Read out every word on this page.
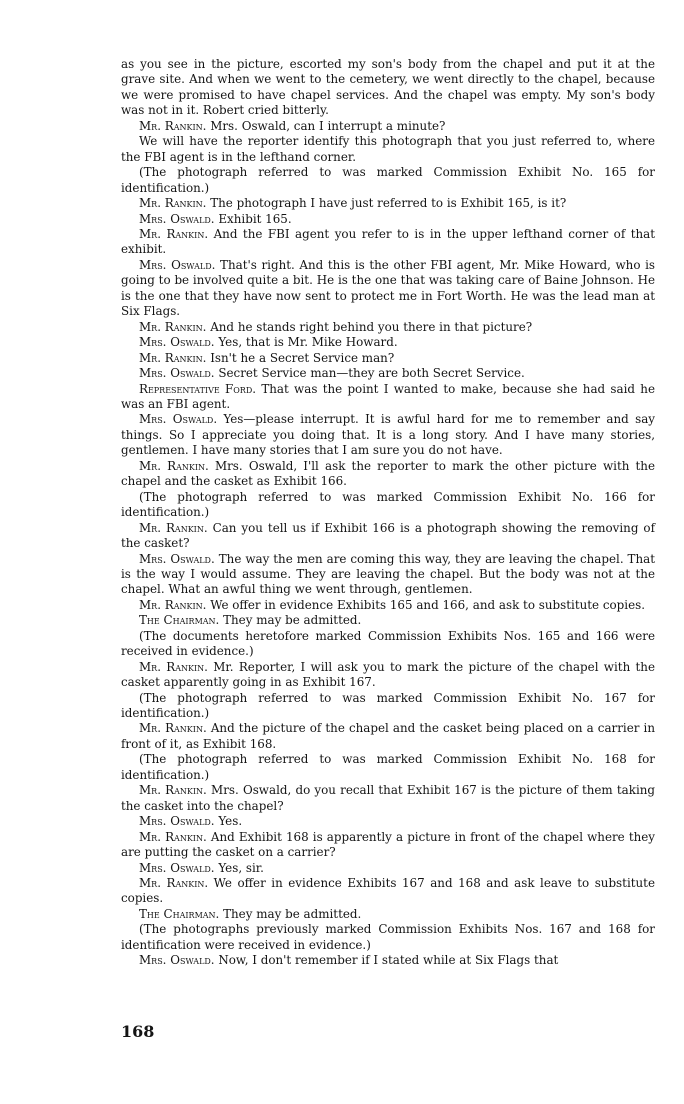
as you see in the picture, escorted my son's body from the chapel and put it at the grave site. And when we went to the cemetery, we went directly to the chapel, because we were promised to have chapel services. And the chapel was empty. My son's body was not in it. Robert cried bitterly.

Mr. Rankin. Mrs. Oswald, can I interrupt a minute?

We will have the reporter identify this photograph that you just referred to, where the FBI agent is in the lefthand corner.

(The photograph referred to was marked Commission Exhibit No. 165 for identification.)

Mr. Rankin. The photograph I have just referred to is Exhibit 165, is it?

Mrs. Oswald. Exhibit 165.

Mr. Rankin. And the FBI agent you refer to is in the upper lefthand corner of that exhibit.

Mrs. Oswald. That's right. And this is the other FBI agent, Mr. Mike Howard, who is going to be involved quite a bit. He is the one that was taking care of Baine Johnson. He is the one that they have now sent to protect me in Fort Worth. He was the lead man at Six Flags.

Mr. Rankin. And he stands right behind you there in that picture?

Mrs. Oswald. Yes, that is Mr. Mike Howard.

Mr. Rankin. Isn't he a Secret Service man?

Mrs. Oswald. Secret Service man—they are both Secret Service.

Representative Ford. That was the point I wanted to make, because she had said he was an FBI agent.

Mrs. Oswald. Yes—please interrupt. It is awful hard for me to remember and say things. So I appreciate you doing that. It is a long story. And I have many stories, gentlemen. I have many stories that I am sure you do not have.

Mr. Rankin. Mrs. Oswald, I'll ask the reporter to mark the other picture with the chapel and the casket as Exhibit 166.

(The photograph referred to was marked Commission Exhibit No. 166 for identification.)

Mr. Rankin. Can you tell us if Exhibit 166 is a photograph showing the removing of the casket?

Mrs. Oswald. The way the men are coming this way, they are leaving the chapel. That is the way I would assume. They are leaving the chapel. But the body was not at the chapel. What an awful thing we went through, gentlemen.

Mr. Rankin. We offer in evidence Exhibits 165 and 166, and ask to substitute copies.

The Chairman. They may be admitted.

(The documents heretofore marked Commission Exhibits Nos. 165 and 166 were received in evidence.)

Mr. Rankin. Mr. Reporter, I will ask you to mark the picture of the chapel with the casket apparently going in as Exhibit 167.

(The photograph referred to was marked Commission Exhibit No. 167 for identification.)

Mr. Rankin. And the picture of the chapel and the casket being placed on a carrier in front of it, as Exhibit 168.

(The photograph referred to was marked Commission Exhibit No. 168 for identification.)

Mr. Rankin. Mrs. Oswald, do you recall that Exhibit 167 is the picture of them taking the casket into the chapel?

Mrs. Oswald. Yes.

Mr. Rankin. And Exhibit 168 is apparently a picture in front of the chapel where they are putting the casket on a carrier?

Mrs. Oswald. Yes, sir.

Mr. Rankin. We offer in evidence Exhibits 167 and 168 and ask leave to substitute copies.

The Chairman. They may be admitted.

(The photographs previously marked Commission Exhibits Nos. 167 and 168 for identification were received in evidence.)

Mrs. Oswald. Now, I don't remember if I stated while at Six Flags that

168
